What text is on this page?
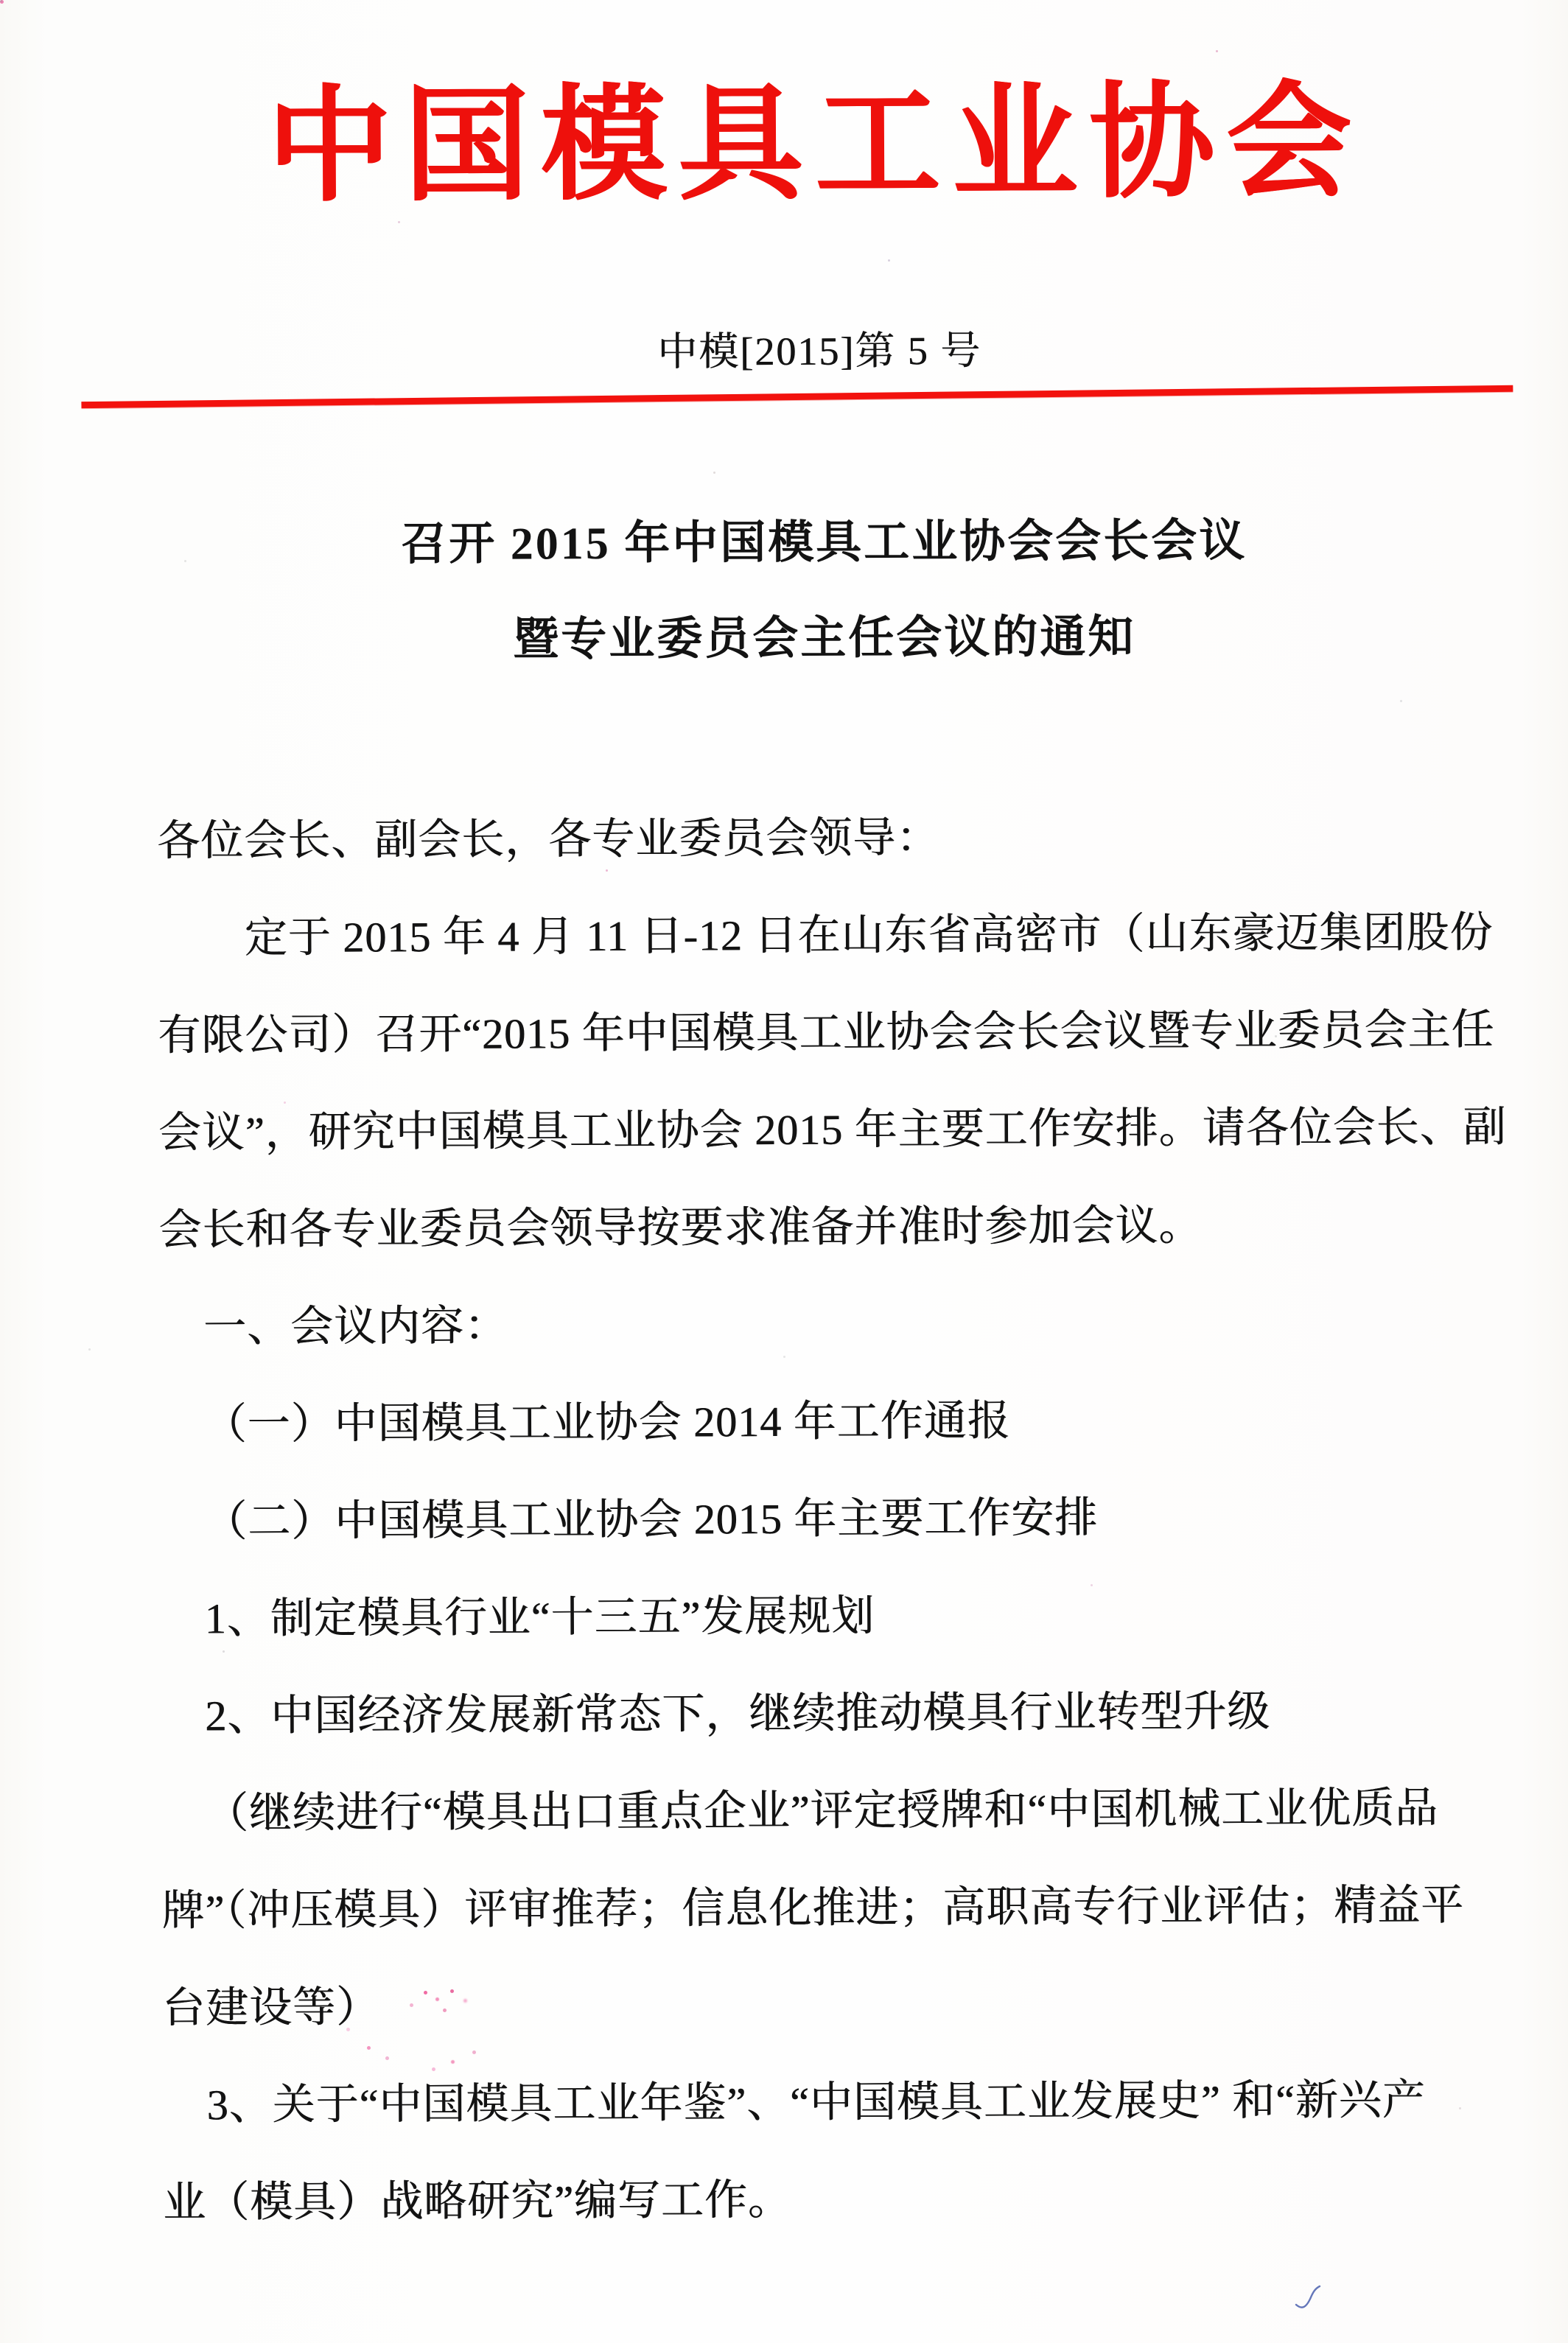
中国模具工业协会
中模[2015]第 5 号
召开 2015 年中国模具工业协会会长会议
暨专业委员会主任会议的通知
各位会长、副会长，各专业委员会领导：
定于 2015 年 4 月 11 日-12 日在山东省高密市（山东豪迈集团股份
有限公司）召开“2015 年中国模具工业协会会长会议暨专业委员会主任
会议”，研究中国模具工业协会 2015 年主要工作安排。请各位会长、副
会长和各专业委员会领导按要求准备并准时参加会议。
一、会议内容：
（一）中国模具工业协会 2014 年工作通报
（二）中国模具工业协会 2015 年主要工作安排
1、制定模具行业“十三五”发展规划
2、中国经济发展新常态下，继续推动模具行业转型升级
（继续进行“模具出口重点企业”评定授牌和“中国机械工业优质品
牌”（冲压模具）评审推荐；信息化推进；高职高专行业评估；精益平
台建设等）
3、关于“中国模具工业年鉴”、“中国模具工业发展史” 和“新兴产
业（模具）战略研究”编写工作。
